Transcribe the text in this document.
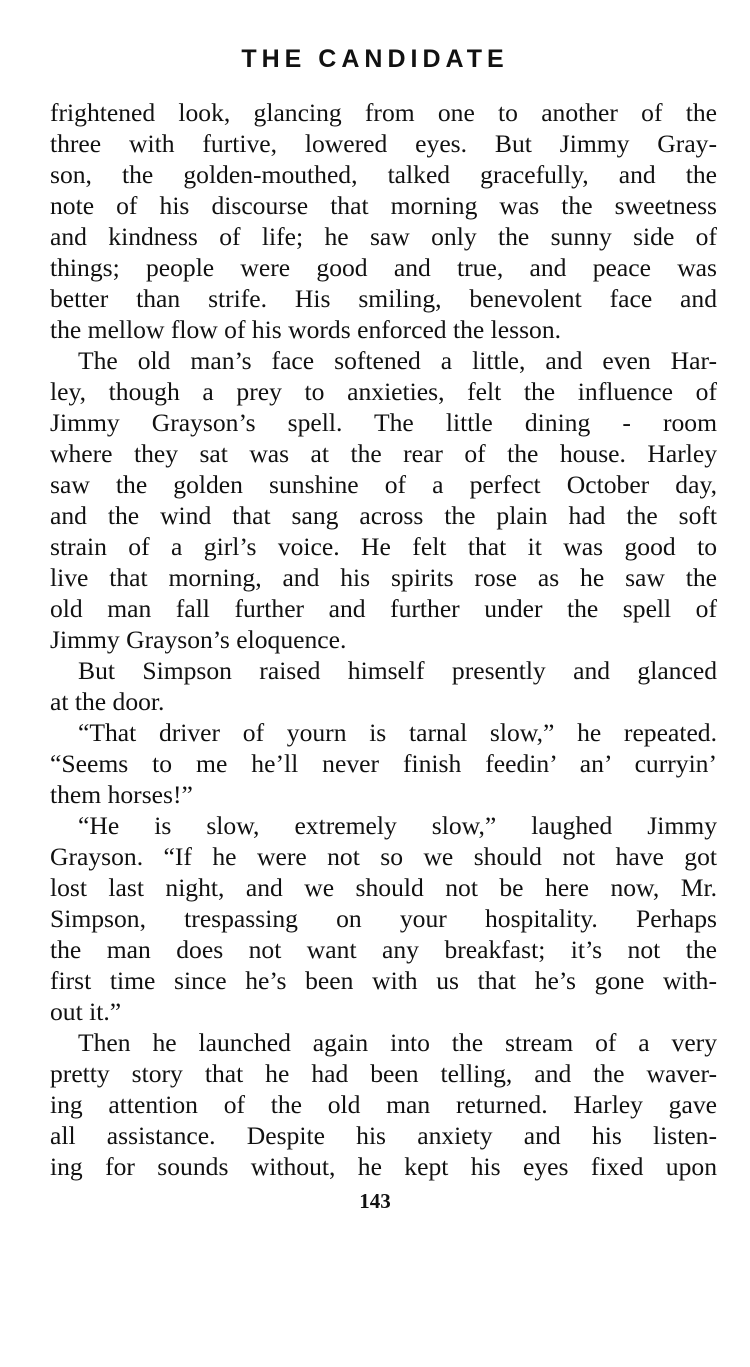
THE CANDIDATE
frightened look, glancing from one to another of the
three with furtive, lowered eyes. But Jimmy Gray-
son, the golden-mouthed, talked gracefully, and the
note of his discourse that morning was the sweetness
and kindness of life; he saw only the sunny side of
things; people were good and true, and peace was
better than strife. His smiling, benevolent face and
the mellow flow of his words enforced the lesson.
The old man’s face softened a little, and even Har-
ley, though a prey to anxieties, felt the influence of
Jimmy Grayson’s spell. The little dining - room
where they sat was at the rear of the house. Harley
saw the golden sunshine of a perfect October day,
and the wind that sang across the plain had the soft
strain of a girl’s voice. He felt that it was good to
live that morning, and his spirits rose as he saw the
old man fall further and further under the spell of
Jimmy Grayson’s eloquence.
But Simpson raised himself presently and glanced
at the door.
“That driver of yourn is tarnal slow,” he repeated.
“Seems to me he’ll never finish feedin’ an’ curryin’
them horses!”
“He is slow, extremely slow,” laughed Jimmy
Grayson. “If he were not so we should not have got
lost last night, and we should not be here now, Mr.
Simpson, trespassing on your hospitality. Perhaps
the man does not want any breakfast; it’s not the
first time since he’s been with us that he’s gone with-
out it.”
Then he launched again into the stream of a very
pretty story that he had been telling, and the waver-
ing attention of the old man returned. Harley gave
all assistance. Despite his anxiety and his listen-
ing for sounds without, he kept his eyes fixed upon
143
